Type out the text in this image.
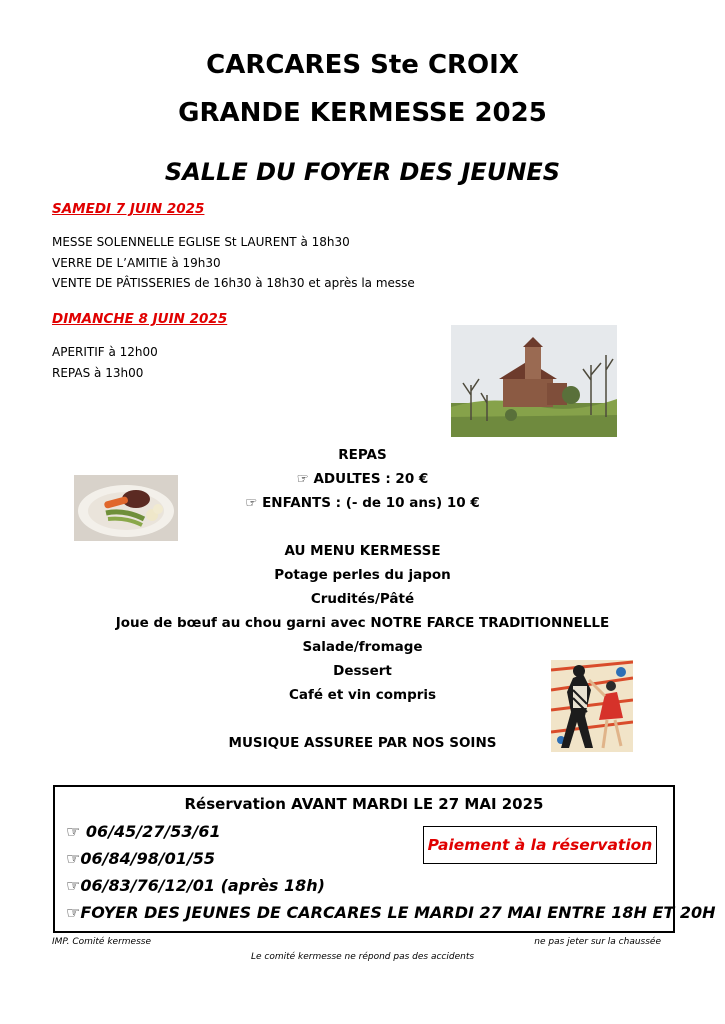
CARCARES Ste CROIX
GRANDE KERMESSE 2025
SALLE DU FOYER DES JEUNES
SAMEDI 7 JUIN 2025
MESSE SOLENNELLE EGLISE St LAURENT à 18h30
VERRE DE L’AMITIE à 19h30
VENTE DE PÂTISSERIES de 16h30 à 18h30 et après la messe
DIMANCHE 8 JUIN 2025
APERITIF à 12h00
REPAS à 13h00
REPAS
☞ ADULTES : 20 €
☞ ENFANTS : (- de 10 ans) 10 €
AU MENU KERMESSE
Potage perles du japon
Crudités/Pâté
Joue de bœuf au chou garni avec NOTRE FARCE TRADITIONNELLE
Salade/fromage
Dessert
Café et vin compris
MUSIQUE ASSUREE PAR NOS SOINS
Réservation AVANT MARDI LE 27 MAI 2025
☞ 06/45/27/53/61
☞06/84/98/01/55
☞06/83/76/12/01 (après 18h)
☞FOYER DES JEUNES DE CARCARES LE MARDI 27 MAI ENTRE 18H ET 20H
Paiement à la réservation
IMP. Comité kermesse	ne pas jeter sur la chaussée
Le comité kermesse ne répond pas des accidents
